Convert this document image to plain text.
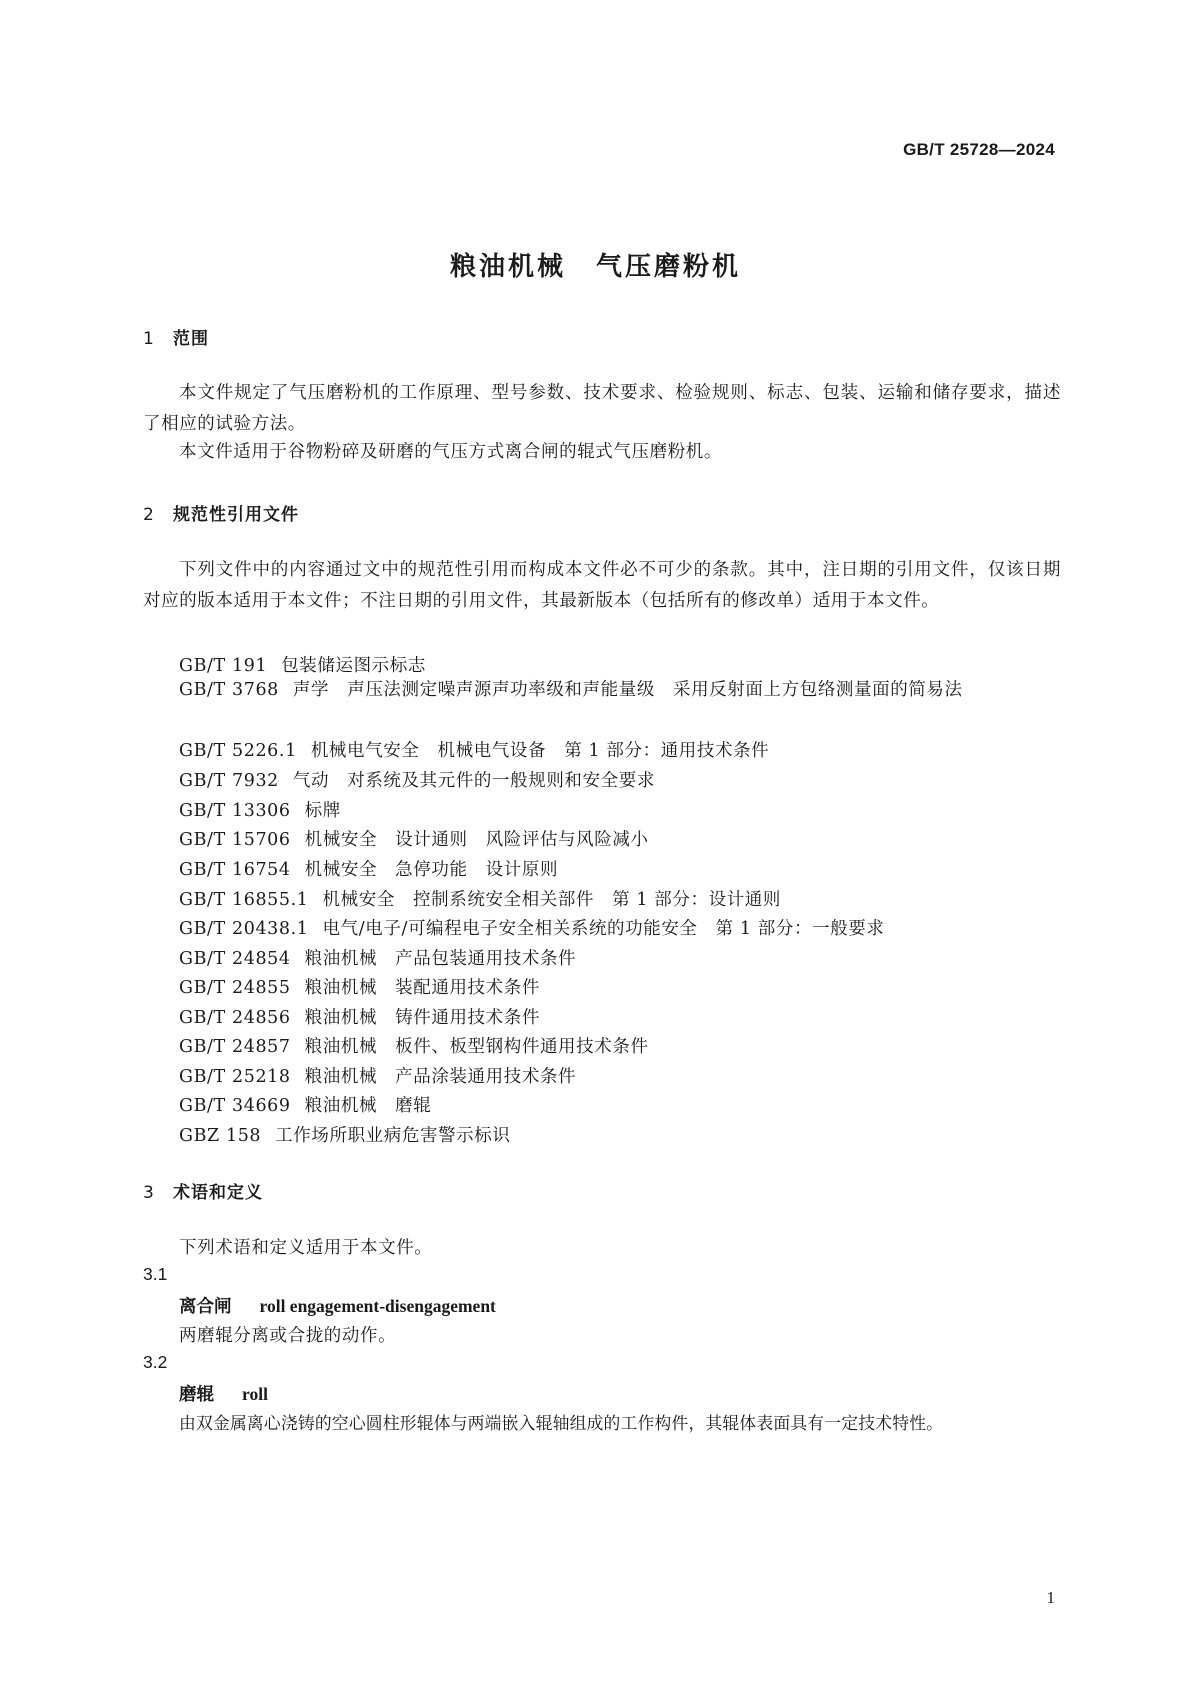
GB/T 25728—2024
粮油机械 气压磨粉机
1 范围
本文件规定了气压磨粉机的工作原理、型号参数、技术要求、检验规则、标志、包装、运输和储存要求，描述了相应的试验方法。
本文件适用于谷物粉碎及研磨的气压方式离合闸的辊式气压磨粉机。
2 规范性引用文件
下列文件中的内容通过文中的规范性引用而构成本文件必不可少的条款。其中，注日期的引用文件，仅该日期对应的版本适用于本文件；不注日期的引用文件，其最新版本（包括所有的修改单）适用于本文件。
GB/T 191 包装储运图示标志
GB/T 3768 声学　声压法测定噪声源声功率级和声能量级　采用反射面上方包络测量面的简易法
GB/T 5226.1 机械电气安全　机械电气设备　第 1 部分：通用技术条件
GB/T 7932 气动　对系统及其元件的一般规则和安全要求
GB/T 13306 标牌
GB/T 15706 机械安全　设计通则　风险评估与风险减小
GB/T 16754 机械安全　急停功能　设计原则
GB/T 16855.1 机械安全　控制系统安全相关部件　第 1 部分：设计通则
GB/T 20438.1 电气/电子/可编程电子安全相关系统的功能安全　第 1 部分：一般要求
GB/T 24854 粮油机械　产品包装通用技术条件
GB/T 24855 粮油机械　装配通用技术条件
GB/T 24856 粮油机械　铸件通用技术条件
GB/T 24857 粮油机械　板件、板型钢构件通用技术条件
GB/T 25218 粮油机械　产品涂装通用技术条件
GB/T 34669 粮油机械　磨辊
GBZ 158 工作场所职业病危害警示标识
3 术语和定义
下列术语和定义适用于本文件。
3.1
离合闸 roll engagement-disengagement
两磨辊分离或合拢的动作。
3.2
磨辊 roll
由双金属离心浇铸的空心圆柱形辊体与两端嵌入辊轴组成的工作构件，其辊体表面具有一定技术特性。
1
